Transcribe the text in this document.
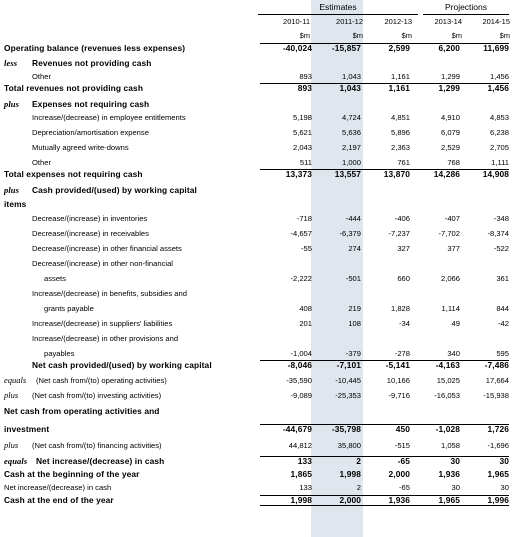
Estimates	Projections
2010-11	2011-12	2012-13	2013-14	2014-15
$m	$m	$m	$m	$m
Operating balance (revenues less expenses)	-40,024	-15,857	2,599	6,200	11,699
less Revenues not providing cash
Other	893	1,043	1,161	1,299	1,456
Total revenues not providing cash	893	1,043	1,161	1,299	1,456
plus Expenses not requiring cash
Increase/(decrease) in employee entitlements	5,198	4,724	4,851	4,910	4,853
Depreciation/amortisation expense	5,621	5,636	5,896	6,079	6,238
Mutually agreed write-downs	2,043	2,197	2,363	2,529	2,705
Other	511	1,000	761	768	1,111
Total expenses not requiring cash	13,373	13,557	13,870	14,286	14,908
plus Cash provided/(used) by working capital
items
Decrease/(increase) in inventories	-718	-444	-406	-407	-348
Decrease/(increase) in receivables	-4,657	-6,379	-7,237	-7,702	-8,374
Decrease/(increase) in other financial assets	-55	274	327	377	-522
Decrease/(increase) in other non-financial
assets	-2,222	-501	660	2,066	361
Increase/(decrease) in benefits, subsidies and
grants payable	408	219	1,828	1,114	844
Increase/(decrease) in suppliers' liabilities	201	108	-34	49	-42
Increase/(decrease) in other provisions and
payables	-1,004	-379	-278	340	595
Net cash provided/(used) by working capital	-8,046	-7,101	-5,141	-4,163	-7,486
equals (Net cash from/(to) operating activities)	-35,590	-10,445	10,166	15,025	17,664
plus (Net cash from/(to) investing activities)	-9,089	-25,353	-9,716	-16,053	-15,938
Net cash from operating activities and
investment	-44,679	-35,798	450	-1,028	1,726
plus (Net cash from/(to) financing activities)	44,812	35,800	-515	1,058	-1,696
equals Net increase/(decrease) in cash	133	2	-65	30	30
Cash at the beginning of the year	1,865	1,998	2,000	1,936	1,965
Net increase/(decrease) in cash	133	2	-65	30	30
Cash at the end of the year	1,998	2,000	1,936	1,965	1,996
